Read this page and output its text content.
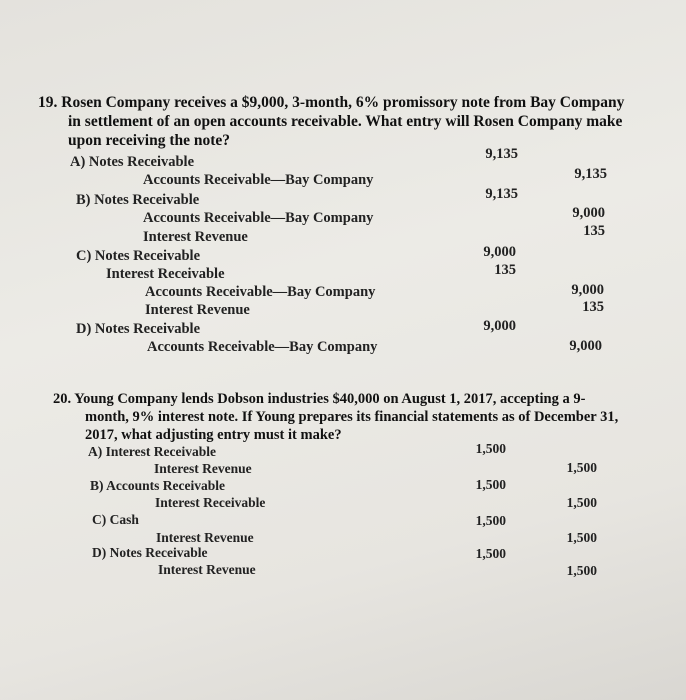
19. Rosen Company receives a $9,000, 3-month, 6% promissory note from Bay Company
in settlement of an open accounts receivable. What entry will Rosen Company make
upon receiving the note?
A) Notes Receivable	9,135
Accounts Receivable—Bay Company	9,135
B) Notes Receivable	9,135
Accounts Receivable—Bay Company	9,000
Interest Revenue	135
C) Notes Receivable	9,000
Interest Receivable	135
Accounts Receivable—Bay Company	9,000
Interest Revenue	135
D) Notes Receivable	9,000
Accounts Receivable—Bay Company	9,000
20. Young Company lends Dobson industries $40,000 on August 1, 2017, accepting a 9-
month, 9% interest note. If Young prepares its financial statements as of December 31,
2017, what adjusting entry must it make?
A) Interest Receivable	1,500
Interest Revenue	1,500
B) Accounts Receivable	1,500
Interest Receivable	1,500
C) Cash	1,500
Interest Revenue	1,500
D) Notes Receivable	1,500
Interest Revenue	1,500
